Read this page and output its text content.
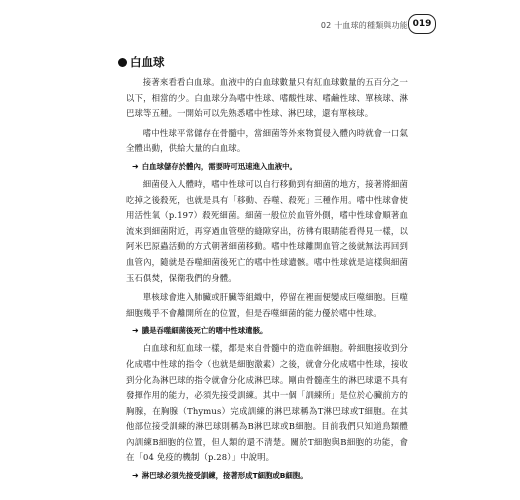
02 十血球的種類與功能 019
白血球

接著來看看白血球。血液中的白血球數量只有紅血球數量的五百分之一以下，相當的少。白血球分為嗜中性球、嗜酸性球、嗜鹼性球、單核球、淋巴球等五種。一開始可以先熟悉嗜中性球、淋巴球，還有單核球。

嗜中性球平常儲存在骨髓中，當細菌等外來物質侵入體內時就會一口氣全體出動，供給大量的白血球。

➜ 白血球儲存於體內，需要時可迅速進入血液中。

細菌侵入人體時，嗜中性球可以自行移動到有細菌的地方，接著將細菌吃掉之後殺死，也就是具有「移動、吞噬、殺死」三種作用。嗜中性球會使用活性氧（p.197）殺死細菌。細菌一般位於血管外側，嗜中性球會順著血流來到細菌附近，再穿過血管壁的縫隙穿出，彷彿有眼睛能看得見一樣，以阿米巴原蟲活動的方式朝著細菌移動。嗜中性球離開血管之後就無法再回到血管內，隨就是吞噬細菌後死亡的嗜中性球遺骸。嗜中性球就是這樣與細菌玉石俱焚，保衛我們的身體。

單核球會進入肺臟或肝臟等組織中，停留在裡面便變成巨噬細胞。巨噬細胞幾乎不會離開所在的位置，但是吞噬細菌的能力優於嗜中性球。

➜ 膿是吞噬細菌後死亡的嗜中性球遺骸。

白血球和紅血球一樣，都是來自骨髓中的造血幹細胞。幹細胞接收到分化成嗜中性球的指令（也就是細胞激素）之後，就會分化成嗜中性球，接收到分化為淋巴球的指令就會分化成淋巴球。剛由骨髓產生的淋巴球還不具有發揮作用的能力，必須先接受訓練。其中一個「訓練所」是位於心臟前方的胸腺，在胸腺（Thymus）完成訓練的淋巴球稱為T淋巴球或T細胞。在其他部位接受訓練的淋巴球則稱為B淋巴球或B細胞。目前我們只知道鳥類體內訓練B細胞的位置，但人類的還不清楚。關於T細胞與B細胞的功能，會在「04 免疫的機制（p.28）」中說明。

➜ 淋巴球必須先接受訓練，接著形成T細胞或B細胞。
